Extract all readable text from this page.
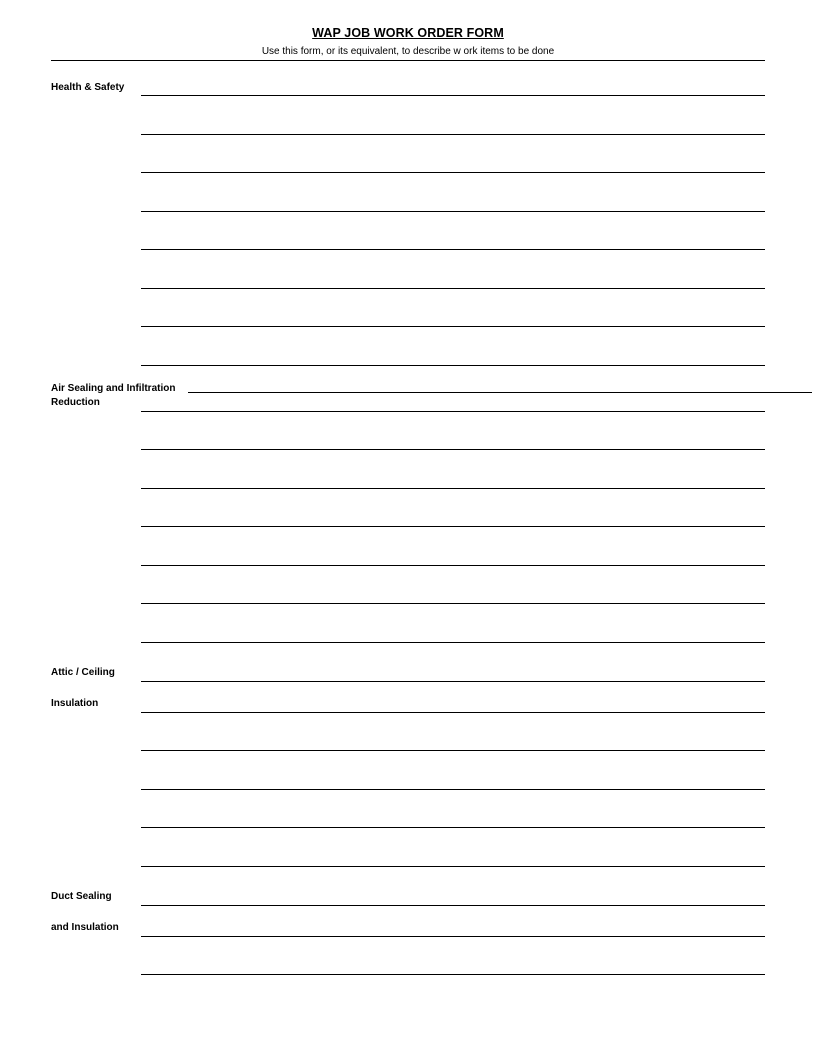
WAP JOB WORK ORDER FORM
Use this form, or its equivalent, to describe w ork items to be done
Health & Safety
Air Sealing and Infiltration
Reduction
Attic / Ceiling
Insulation
Duct Sealing
and Insulation
